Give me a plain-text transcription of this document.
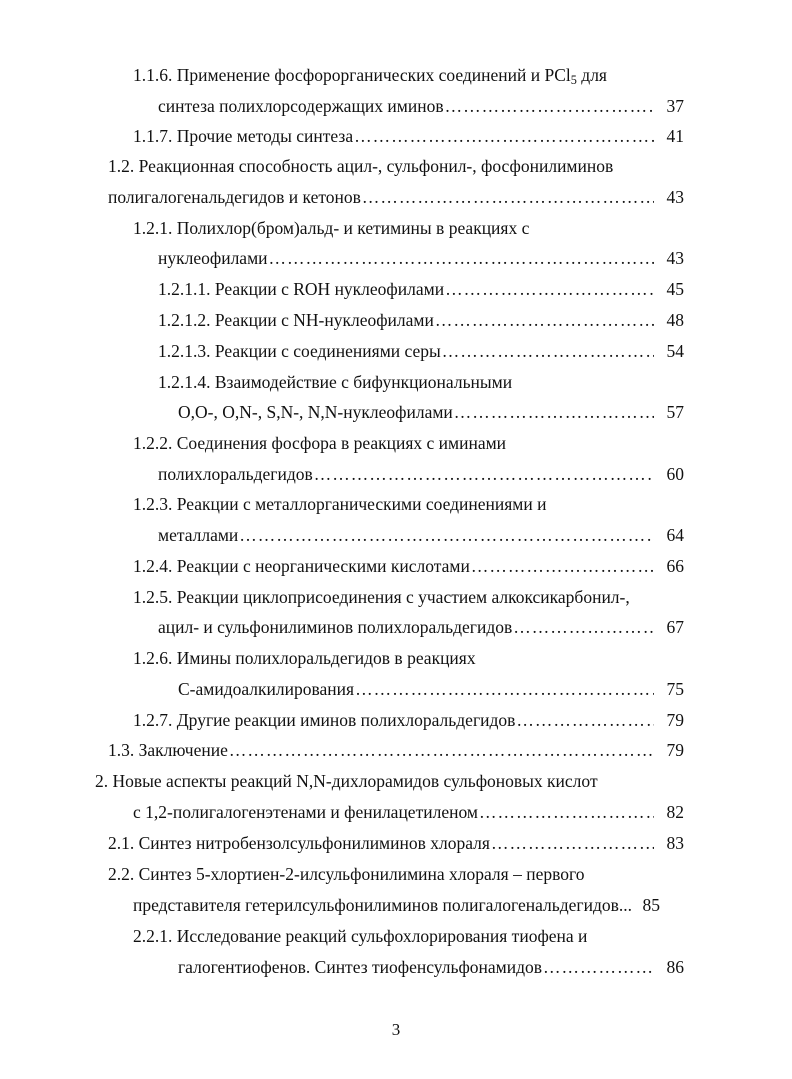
1.1.6. Применение фосфорорганических соединений и PCl$_5$ для
синтеза полихлорсодержащих иминов ……………………………………………………………………………………………………………………………………………………………………………	37
1.1.7. Прочие методы синтеза ……………………………………………………………………………………………………………………………………………………………………………	41
1.2. Реакционная способность ацил-, сульфонил-, фосфонилиминов
полигалогенальдегидов и кетонов ……………………………………………………………………………………………………………………………………………………………………………	43
1.2.1. Полихлор(бром)альд- и кетимины в реакциях с
нуклеофилами ……………………………………………………………………………………………………………………………………………………………………………	43
1.2.1.1. Реакции с ROH нуклеофилами ……………………………………………………………………………………………………………………………………………………………………………	45
1.2.1.2. Реакции с NH-нуклеофилами ……………………………………………………………………………………………………………………………………………………………………………	48
1.2.1.3. Реакции с соединениями серы ……………………………………………………………………………………………………………………………………………………………………………	54
1.2.1.4. Взаимодействие с бифункциональными
O,O-, O,N-, S,N-, N,N-нуклеофилами ……………………………………………………………………………………………………………………………………………………………………………	57
1.2.2. Соединения фосфора в реакциях с иминами
полихлоральдегидов ……………………………………………………………………………………………………………………………………………………………………………	60
1.2.3. Реакции с металлорганическими соединениями и
металлами ……………………………………………………………………………………………………………………………………………………………………………	64
1.2.4. Реакции с неорганическими кислотами ……………………………………………………………………………………………………………………………………………………………………………	66
1.2.5. Реакции циклоприсоединения с участием алкоксикарбонил-,
ацил- и сульфонилиминов полихлоральдегидов ……………………………………………………………………………………………………………………………………………………………………………	67
1.2.6. Имины полихлоральдегидов в реакциях
C-амидоалкилирования ……………………………………………………………………………………………………………………………………………………………………………	75
1.2.7. Другие реакции иминов полихлоральдегидов ……………………………………………………………………………………………………………………………………………………………………………	79
1.3. Заключение ……………………………………………………………………………………………………………………………………………………………………………	79
2. Новые аспекты реакций N,N-дихлорамидов сульфоновых кислот
с 1,2-полигалогенэтенами и фенилацетиленом ……………………………………………………………………………………………………………………………………………………………………………	82
2.1. Синтез нитробензолсульфонилиминов хлораля ……………………………………………………………………………………………………………………………………………………………………………	83
2.2. Синтез 5-хлортиен-2-илсульфонилимина хлораля – первого
представителя гетерилсульфонилиминов полигалогенальдегидов... 85
2.2.1. Исследование реакций сульфохлорирования тиофена и
галогентиофенов. Синтез тиофенсульфонамидов ……………………………………………………………………………………………………………………………………………………………………………	86
3
